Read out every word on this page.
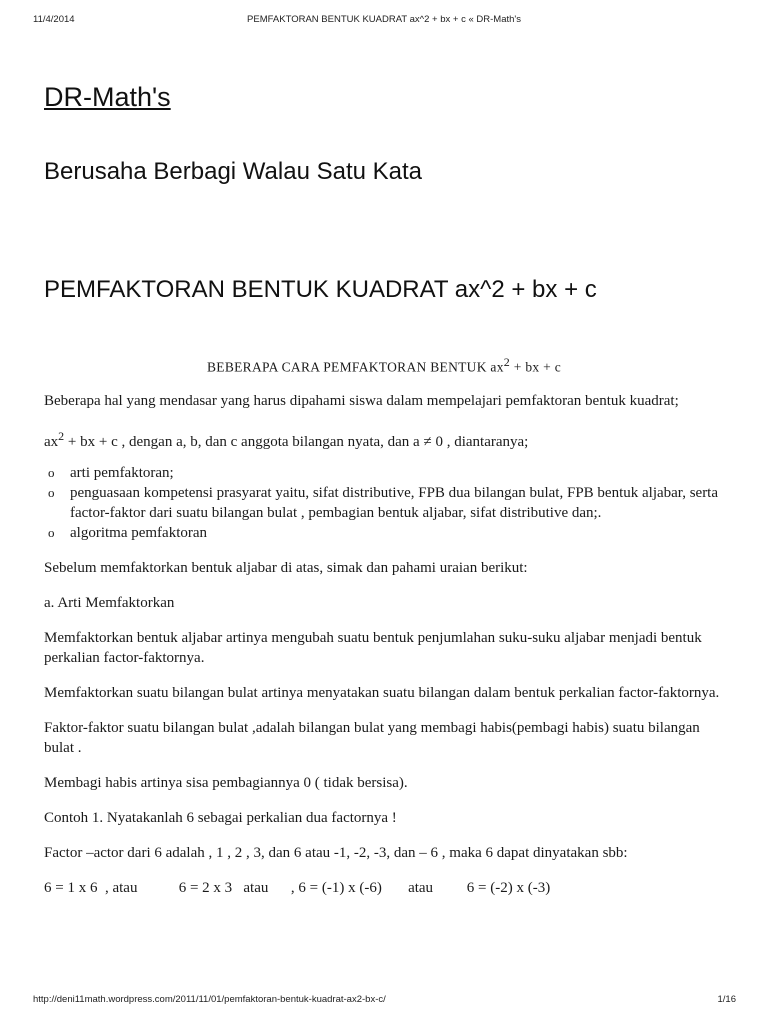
11/4/2014	PEMFAKTORAN BENTUK KUADRAT ax^2 + bx + c « DR-Math's
DR-Math's
Berusaha Berbagi Walau Satu Kata
PEMFAKTORAN BENTUK KUADRAT ax^2 + bx + c

BEBERAPA CARA PEMFAKTORAN BENTUK $ax^2$ + bx + c

Beberapa hal yang mendasar yang harus dipahami siswa dalam mempelajari pemfaktoran bentuk kuadrat;

$ax^2$ + bx + c , dengan a, b, dan c anggota bilangan nyata, dan a ≠ 0 , diantaranya;

o arti pemfaktoran;
o penguasaan kompetensi prasyarat yaitu, sifat distributive, FPB dua bilangan bulat, FPB bentuk aljabar, serta factor-faktor dari suatu bilangan bulat , pembagian bentuk aljabar, sifat distributive dan;.
o algoritma pemfaktoran

Sebelum memfaktorkan bentuk aljabar di atas, simak dan pahami uraian berikut:

a. Arti Memfaktorkan

Memfaktorkan bentuk aljabar artinya mengubah suatu bentuk penjumlahan suku-suku aljabar menjadi bentuk perkalian factor-faktornya.

Memfaktorkan suatu bilangan bulat artinya menyatakan suatu bilangan dalam bentuk perkalian factor-faktornya.

Faktor-faktor suatu bilangan bulat ,adalah bilangan bulat yang membagi habis(pembagi habis) suatu bilangan bulat .

Membagi habis artinya sisa pembagiannya 0 ( tidak bersisa).

Contoh 1. Nyatakanlah 6 sebagai perkalian dua factornya !

Factor –actor dari 6 adalah , 1 , 2 , 3, dan 6 atau -1, -2, -3, dan – 6 , maka 6 dapat dinyatakan sbb:

6 = 1 x 6  , atau           6 = 2 x 3   atau      , 6 = (-1) x (-6)       atau         6 = (-2) x (-3)

http://deni11math.wordpress.com/2011/11/01/pemfaktoran-bentuk-kuadrat-ax2-bx-c/	1/16
